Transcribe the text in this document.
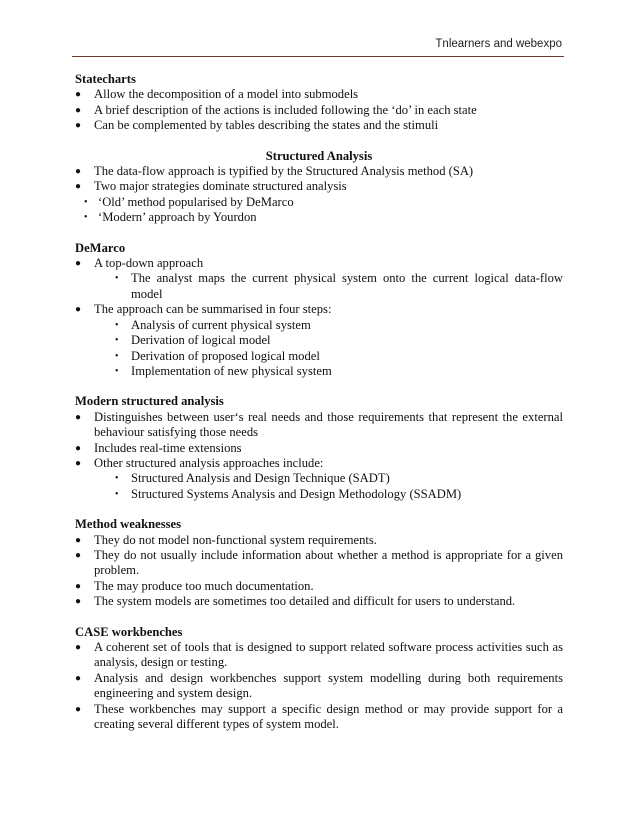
Tnlearners and webexpo
Statecharts
● Allow the decomposition of a model into submodels
● A brief description of the actions is included following the ‘do’ in each state
● Can be complemented by tables describing the states and the stimuli
Structured Analysis
● The data-flow approach is typified by the Structured Analysis method (SA)
● Two major strategies dominate structured analysis
• ‘Old’ method popularised by DeMarco
• ‘Modern’ approach by Yourdon
DeMarco
● A top-down approach
• The analyst maps the current physical system onto the current logical data-flow model
● The approach can be summarised in four steps:
• Analysis of current physical system
• Derivation of logical model
• Derivation of proposed logical model
• Implementation of new physical system
Modern structured analysis
● Distinguishes between user‘s real needs and those requirements that represent the external behaviour satisfying those needs
● Includes real-time extensions
● Other structured analysis approaches include:
• Structured Analysis and Design Technique (SADT)
• Structured Systems Analysis and Design Methodology (SSADM)
Method weaknesses
● They do not model non-functional system requirements.
● They do not usually include information about whether a method is appropriate for a given problem.
● The may produce too much documentation.
● The system models are sometimes too detailed and difficult for users to understand.
CASE workbenches
● A coherent set of tools that is designed to support related software process activities such as analysis, design or testing.
● Analysis and design workbenches support system modelling during both requirements engineering and system design.
● These workbenches may support a specific design method or may provide support for a creating several different types of system model.
